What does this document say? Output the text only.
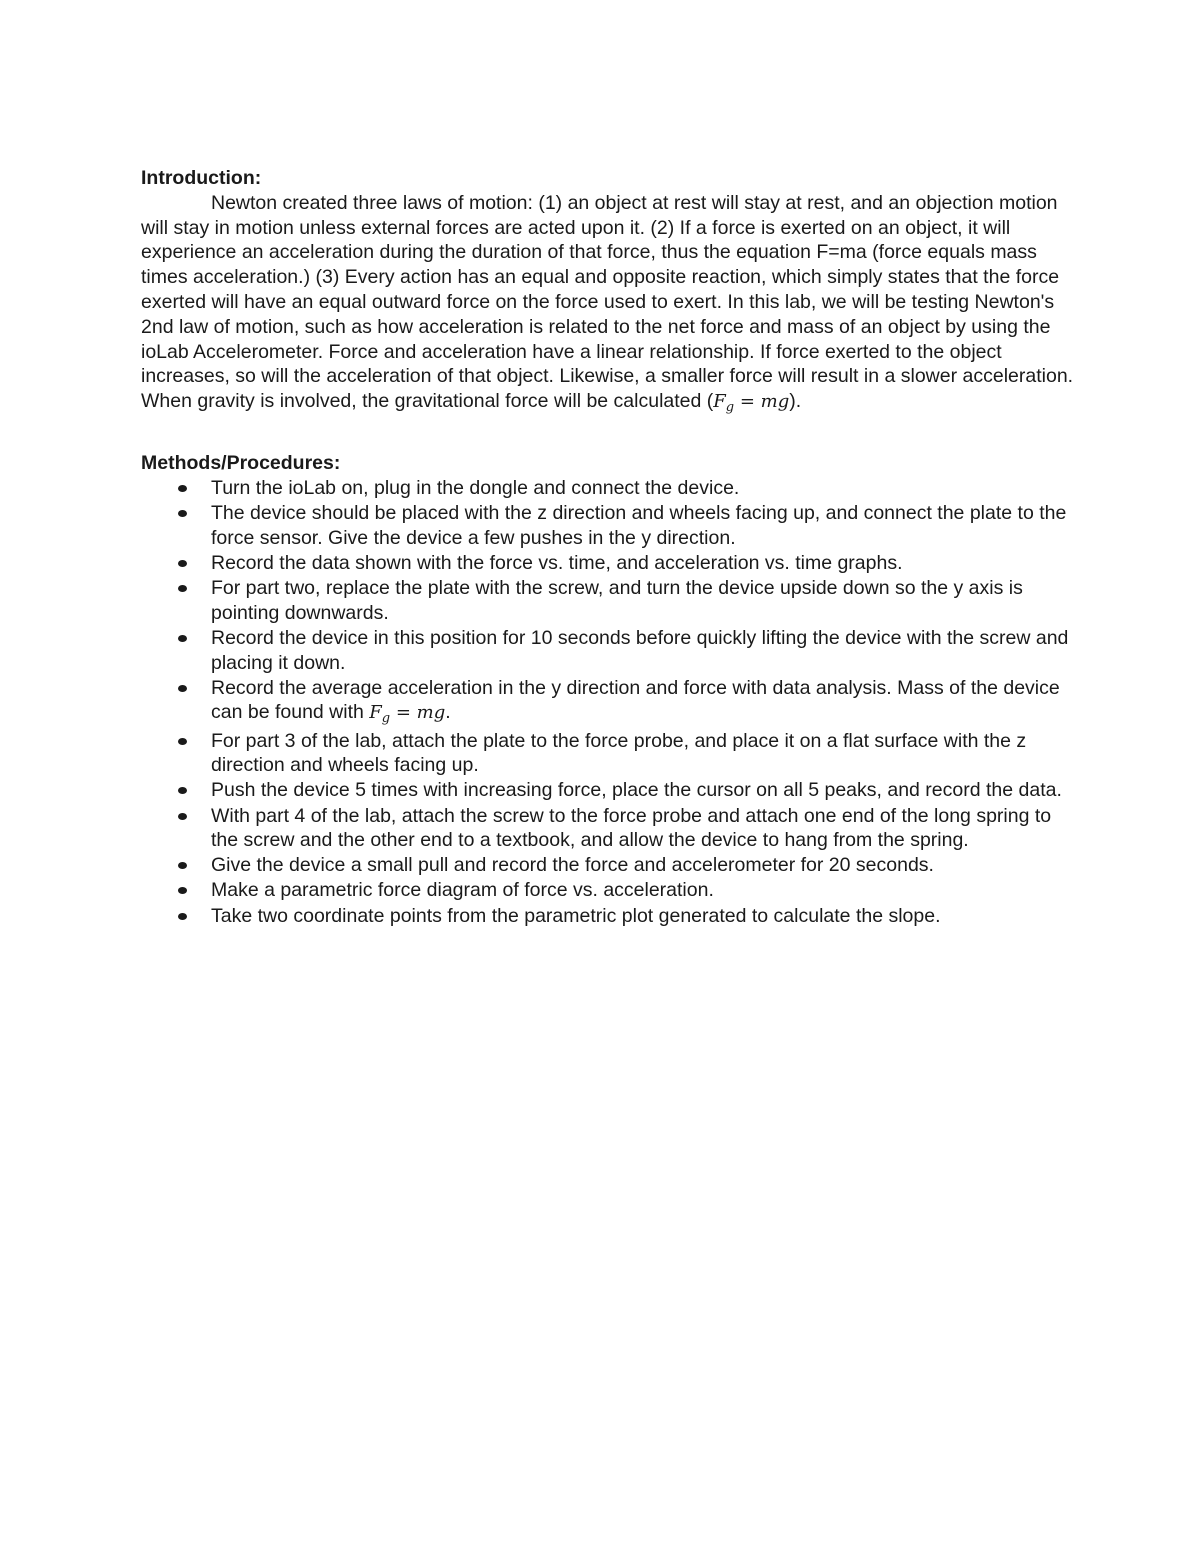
Introduction:

Newton created three laws of motion: (1) an object at rest will stay at rest, and an objection motion will stay in motion unless external forces are acted upon it. (2) If a force is exerted on an object, it will experience an acceleration during the duration of that force, thus the equation F=ma (force equals mass times acceleration.) (3) Every action has an equal and opposite reaction, which simply states that the force exerted will have an equal outward force on the force used to exert. In this lab, we will be testing Newton's 2nd law of motion, such as how acceleration is related to the net force and mass of an object by using the ioLab Accelerometer. Force and acceleration have a linear relationship. If force exerted to the object increases, so will the acceleration of that object. Likewise, a smaller force will result in a slower acceleration. When gravity is involved, the gravitational force will be calculated $(F_g = mg)$.

Methods/Procedures:

Turn the ioLab on, plug in the dongle and connect the device.
The device should be placed with the z direction and wheels facing up, and connect the plate to the force sensor. Give the device a few pushes in the y direction.
Record the data shown with the force vs. time, and acceleration vs. time graphs.
For part two, replace the plate with the screw, and turn the device upside down so the y axis is pointing downwards.
Record the device in this position for 10 seconds before quickly lifting the device with the screw and placing it down.
Record the average acceleration in the y direction and force with data analysis. Mass of the device can be found with $F_g$ = mg.
For part 3 of the lab, attach the plate to the force probe, and place it on a flat surface with the z direction and wheels facing up.
Push the device 5 times with increasing force, place the cursor on all 5 peaks, and record the data.
With part 4 of the lab, attach the screw to the force probe and attach one end of the long spring to the screw and the other end to a textbook, and allow the device to hang from the spring.
Give the device a small pull and record the force and accelerometer for 20 seconds.
Make a parametric force diagram of force vs. acceleration.
Take two coordinate points from the parametric plot generated to calculate the slope.
